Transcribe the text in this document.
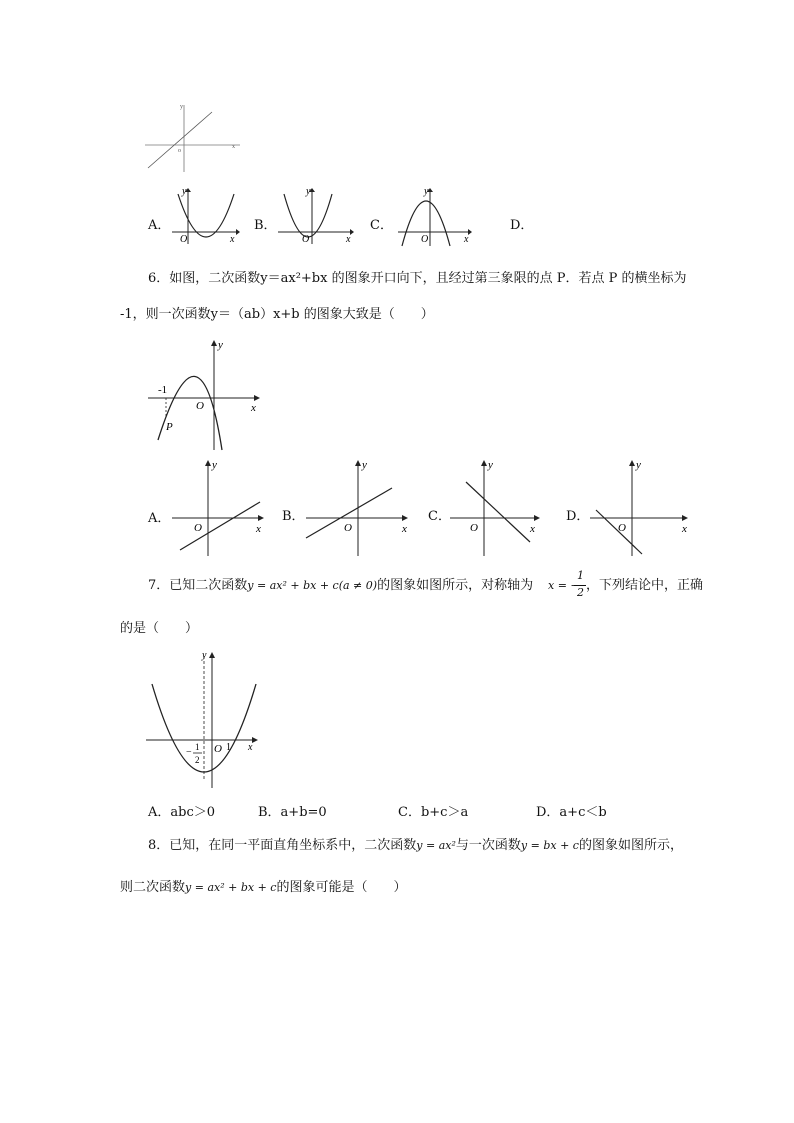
o
x
y
A．
O	x
y
B．
O	x
y
C．
O	x
y
D．
6．如图，二次函数y＝ax²+bx 的图象开口向下，且经过第三象限的点 P．若点 P 的横坐标为
-1，则一次函数y＝（ab）x+b 的图象大致是（　　）
-1
O	x
y
P
A．
O	x
y
B．
O	x
y
C．
O	x
y
D．
O	x
y
7．已知二次函数y = ax² + bx + c(a ≠ 0)的图象如图所示，对称轴为 x = −
1
2 ，下列结论中，正确
的是（　　）
y
x
O 1
− 1
2
A．abc＞0	B．a+b=0	C．b+c＞a	D．a+c＜b
8．已知，在同一平面直角坐标系中，二次函数y = ax²与一次函数y = bx + c的图象如图所示，
则二次函数y = ax² + bx + c的图象可能是（　　）
